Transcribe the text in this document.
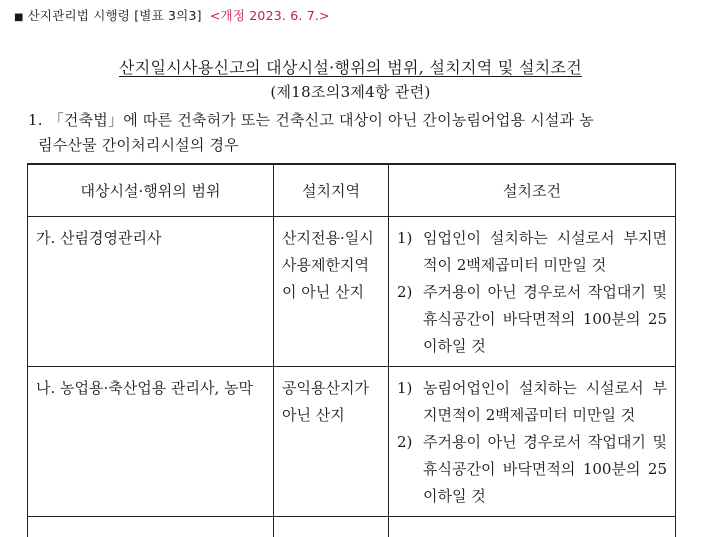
■ 산지관리법 시행령 [별표 3의3] <개정 2023. 6. 7.>
산지일시사용신고의 대상시설·행위의 범위, 설치지역 및 설치조건
(제18조의3제4항 관련)
1. 「건축법」에 따른 건축허가 또는 건축신고 대상이 아닌 간이농림어업용 시설과 농
림수산물 간이처리시설의 경우
대상시설·행위의 범위	설치지역	설치조건
가. 산림경영관리사	산지전용·일시사용제한지역이 아닌 산지	1) 임업인이 설치하는 시설로서 부지면적이 2백제곱미터 미만일 것
2) 주거용이 아닌 경우로서 작업대기 및 휴식공간이 바닥면적의 100분의 25 이하일 것

나. 농업용·축산업용 관리사, 농막	공익용산지가 아닌 산지	1) 농림어업인이 설치하는 시설로서 부지면적이 2백제곱미터 미만일 것
2) 주거용이 아닌 경우로서 작업대기 및 휴식공간이 바닥면적의 100분의 25 이하일 것
